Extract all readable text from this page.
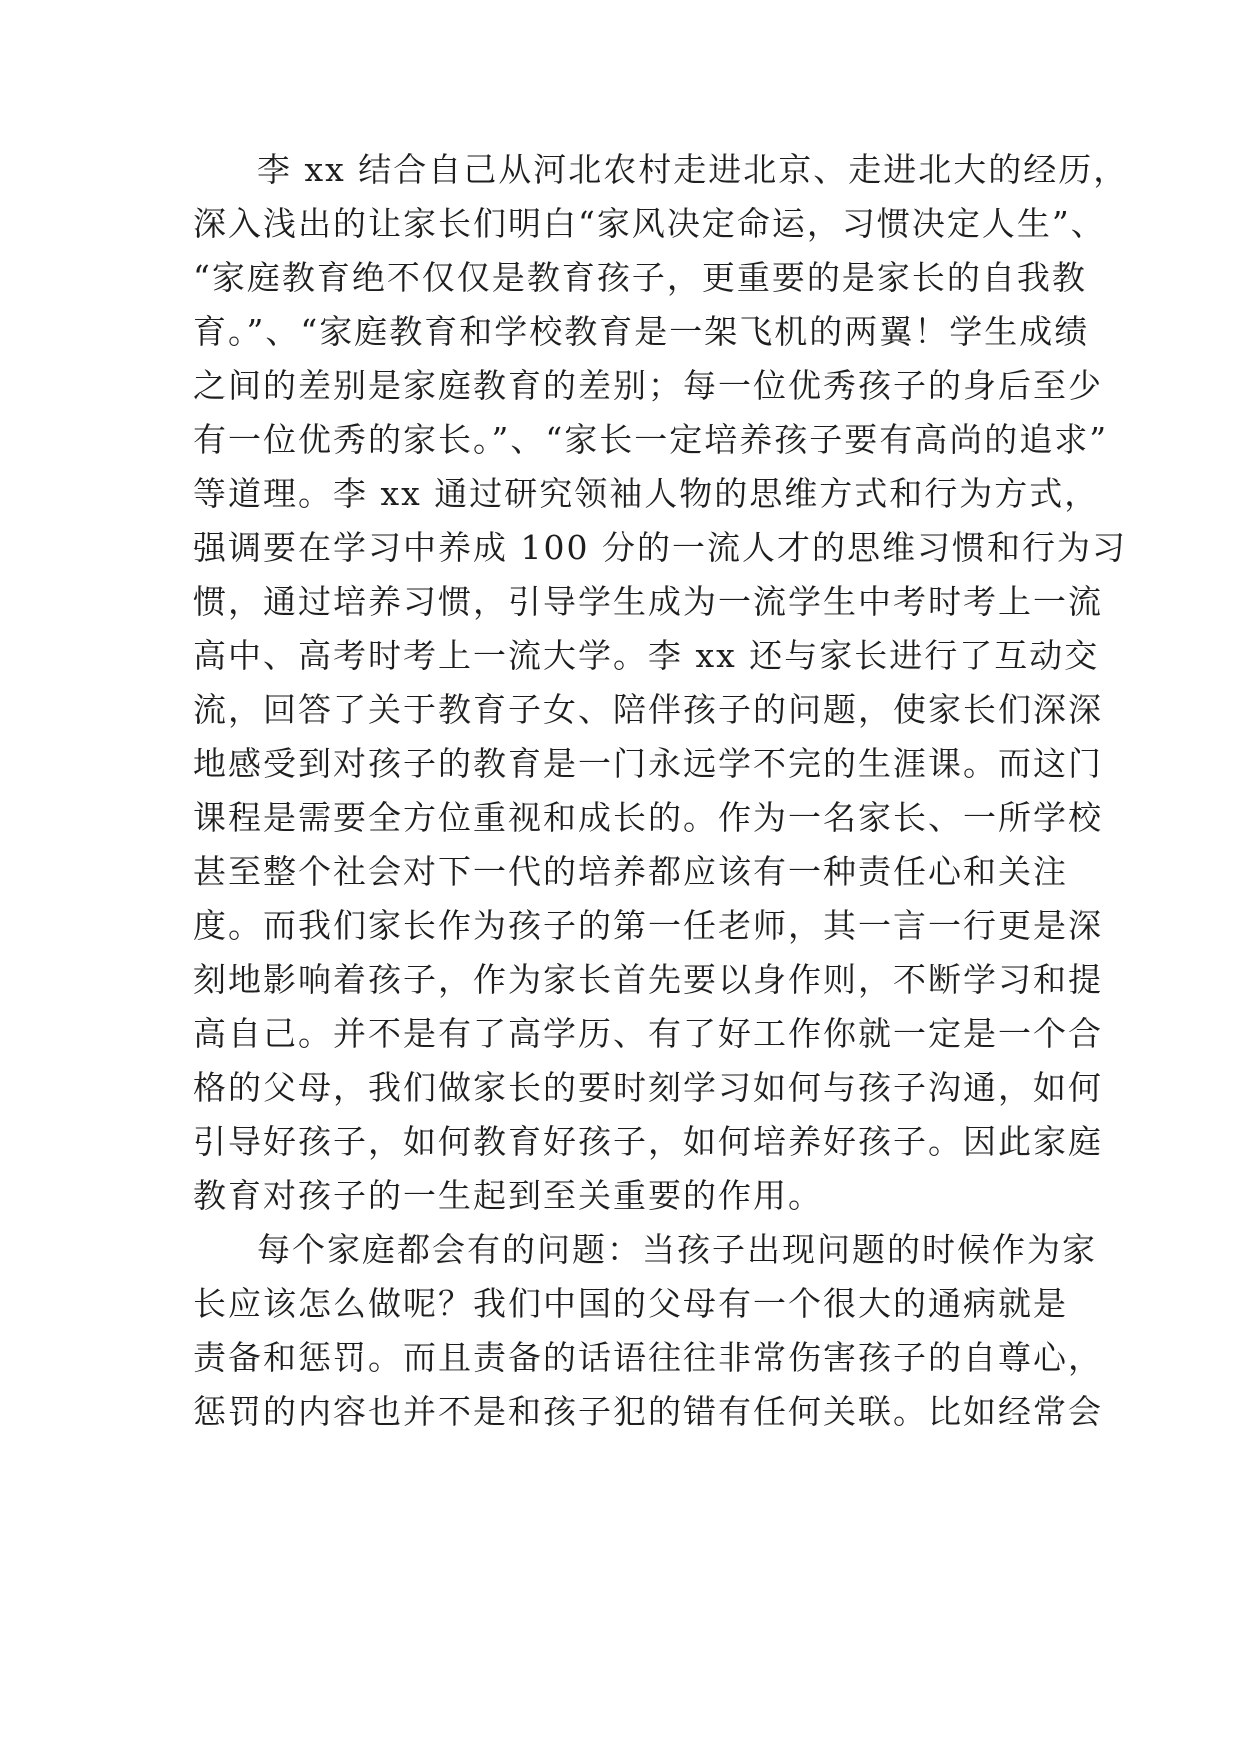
李 xx 结合自己从河北农村走进北京、走进北大的经历，
深入浅出的让家长们明白“家风决定命运，习惯决定人生”、
“家庭教育绝不仅仅是教育孩子，更重要的是家长的自我教
育。”、“家庭教育和学校教育是一架飞机的两翼！学生成绩
之间的差别是家庭教育的差别；每一位优秀孩子的身后至少
有一位优秀的家长。”、“家长一定培养孩子要有高尚的追求”
等道理。李 xx 通过研究领袖人物的思维方式和行为方式，
强调要在学习中养成 100 分的一流人才的思维习惯和行为习
惯，通过培养习惯，引导学生成为一流学生中考时考上一流
高中、高考时考上一流大学。李 xx 还与家长进行了互动交
流，回答了关于教育子女、陪伴孩子的问题，使家长们深深
地感受到对孩子的教育是一门永远学不完的生涯课。而这门
课程是需要全方位重视和成长的。作为一名家长、一所学校
甚至整个社会对下一代的培养都应该有一种责任心和关注
度。而我们家长作为孩子的第一任老师，其一言一行更是深
刻地影响着孩子，作为家长首先要以身作则，不断学习和提
高自己。并不是有了高学历、有了好工作你就一定是一个合
格的父母，我们做家长的要时刻学习如何与孩子沟通，如何
引导好孩子，如何教育好孩子，如何培养好孩子。因此家庭
教育对孩子的一生起到至关重要的作用。
每个家庭都会有的问题：当孩子出现问题的时候作为家
长应该怎么做呢？我们中国的父母有一个很大的通病就是
责备和惩罚。而且责备的话语往往非常伤害孩子的自尊心，
惩罚的内容也并不是和孩子犯的错有任何关联。比如经常会
